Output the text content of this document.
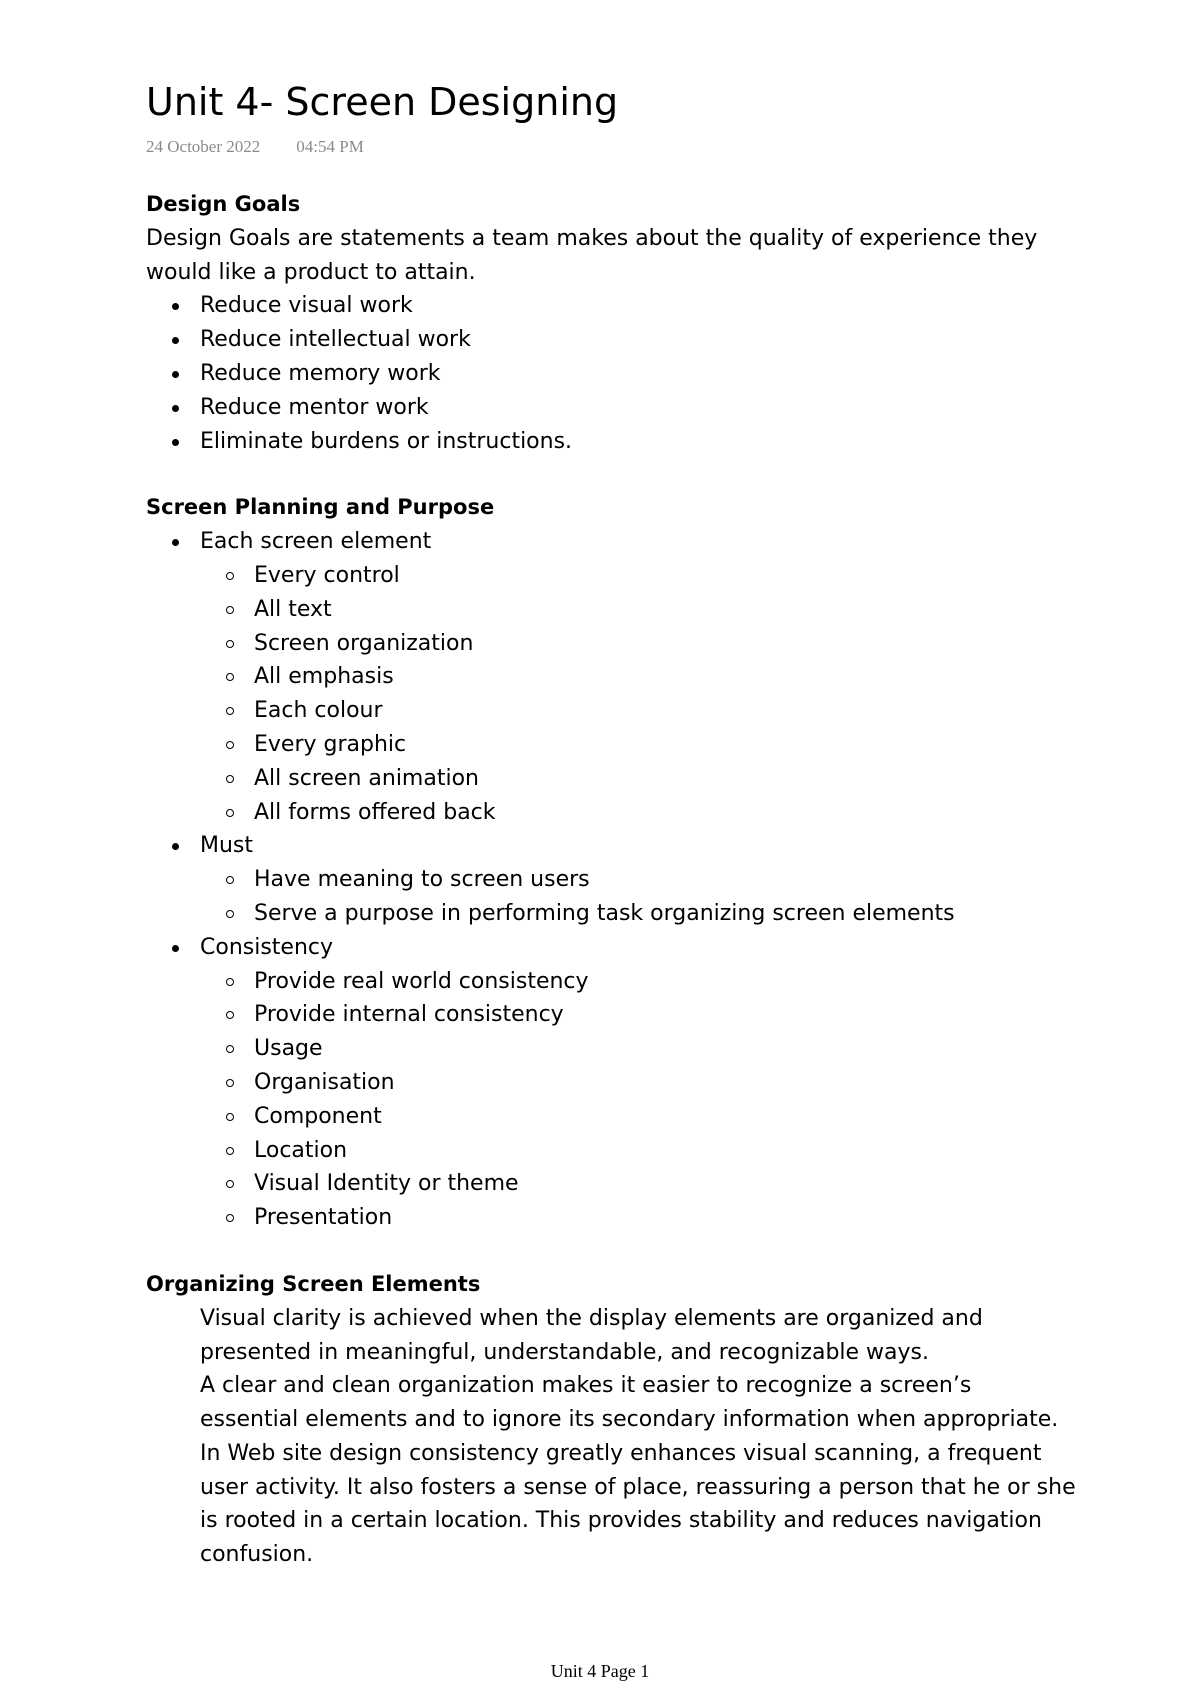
Unit 4- Screen Designing
24 October 2022 04:54 PM

Design Goals

Design Goals are statements a team makes about the quality of experience they would like a product to attain.

Reduce visual work
Reduce intellectual work
Reduce memory work
Reduce mentor work
Eliminate burdens or instructions.

Screen Planning and Purpose

Each screen element
Every control
All text
Screen organization
All emphasis
Each colour
Every graphic
All screen animation
All forms offered back
Must
Have meaning to screen users
Serve a purpose in performing task organizing screen elements
Consistency
Provide real world consistency
Provide internal consistency
Usage
Organisation
Component
Location
Visual Identity or theme
Presentation

Organizing Screen Elements

Visual clarity is achieved when the display elements are organized and presented in meaningful, understandable, and recognizable ways.

A clear and clean organization makes it easier to recognize a screen’s essential elements and to ignore its secondary information when appropriate.

In Web site design consistency greatly enhances visual scanning, a frequent user activity. It also fosters a sense of place, reassuring a person that he or she is rooted in a certain location. This provides stability and reduces navigation confusion.

Unit 4 Page 1
